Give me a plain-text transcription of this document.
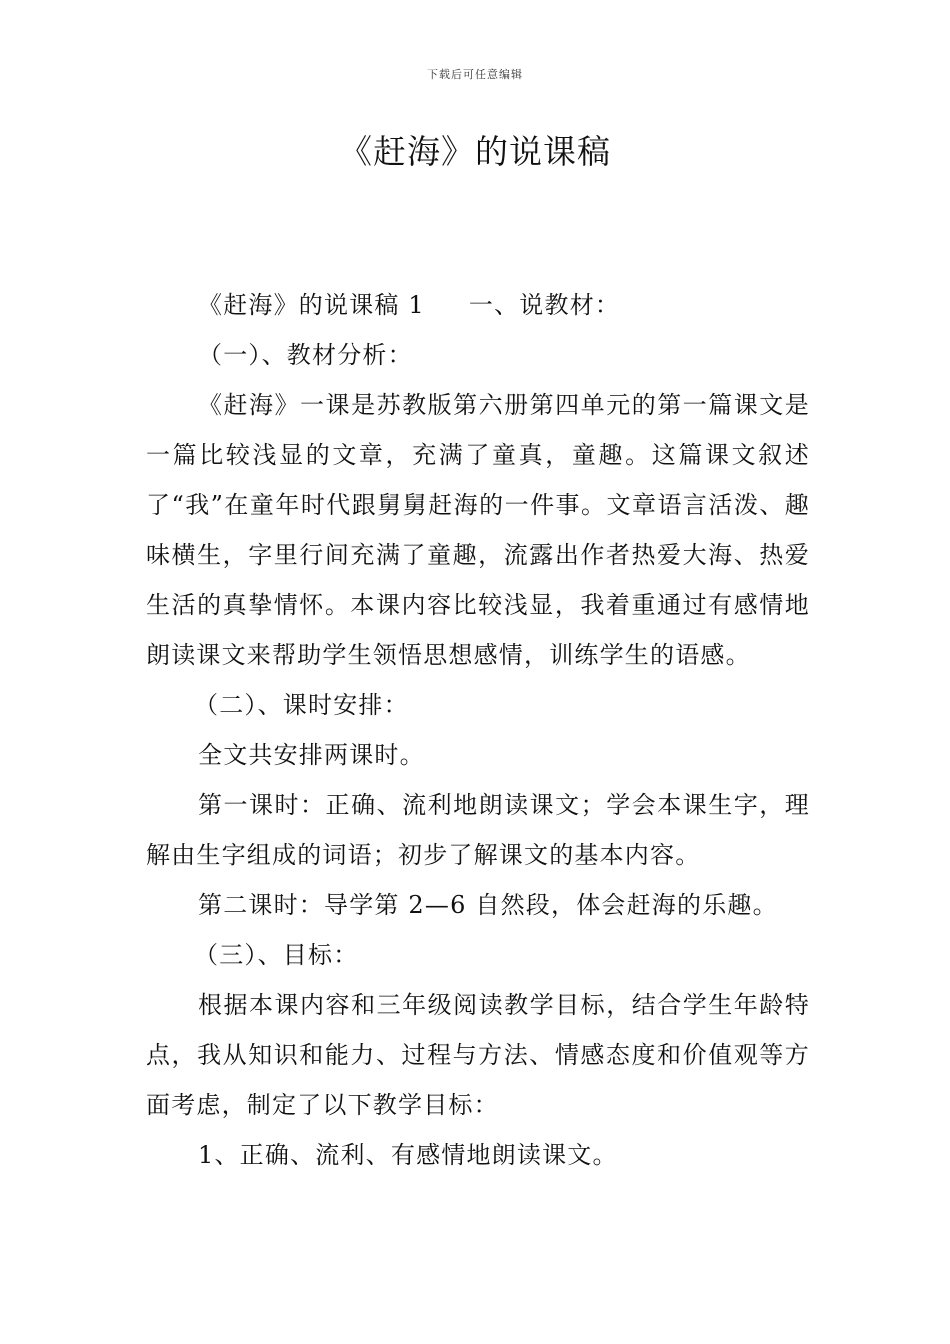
下载后可任意编辑
《赶海》的说课稿

《赶海》的说课稿 1 一、说教材：

（一）、教材分析：

《赶海》一课是苏教版第六册第四单元的第一篇课文是一篇比较浅显的文章，充满了童真，童趣。这篇课文叙述了“我”在童年时代跟舅舅赶海的一件事。文章语言活泼、趣味横生，字里行间充满了童趣，流露出作者热爱大海、热爱生活的真挚情怀。本课内容比较浅显，我着重通过有感情地朗读课文来帮助学生领悟思想感情，训练学生的语感。

（二）、课时安排：

全文共安排两课时。

第一课时：正确、流利地朗读课文；学会本课生字，理解由生字组成的词语；初步了解课文的基本内容。

第二课时：导学第 2—6 自然段，体会赶海的乐趣。

（三）、目标：

根据本课内容和三年级阅读教学目标，结合学生年龄特点，我从知识和能力、过程与方法、情感态度和价值观等方面考虑，制定了以下教学目标：

1、正确、流利、有感情地朗读课文。
